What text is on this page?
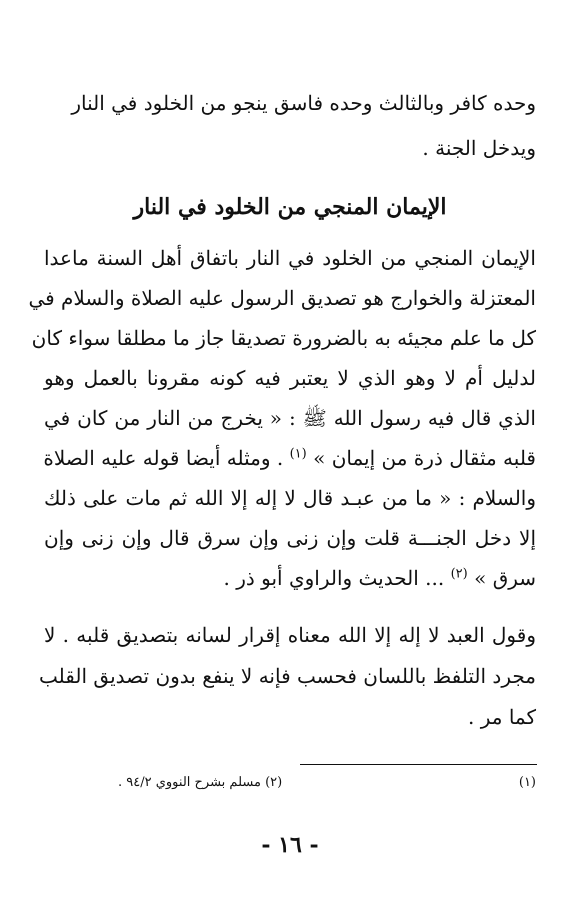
وحده كافر وبالثالث وحده فاسق ينجو من الخلود في النار
ويدخل الجنة .
الإيمان المنجي من الخلود في النار
الإيمان المنجي من الخلود في النار باتفاق أهل السنة ماعدا
المعتزلة والخوارج هو تصديق الرسول عليه الصلاة والسلام في
كل ما علم مجيئه به بالضرورة تصديقا جاز ما مطلقا سواء كان
لدليل أم لا وهو الذي لا يعتبر فيه كونه مقرونا بالعمل وهو
الذي قال فيه رسول الله ﷺ : « يخرج من النار من كان في
قلبه مثقال ذرة من إيمان » $^{(١)}$ . ومثله أيضا قوله عليه الصلاة
والسلام : « ما من عبـد قال لا إله إلا الله ثم مات على ذلك
إلا دخل الجنـــة قلت وإن زنى وإن سرق قال وإن زنى وإن
سرق » $^{(٢)}$ ... الحديث والراوي أبو ذر .
وقول العبد لا إله إلا الله معناه إقرار لسانه بتصديق قلبه . لا
مجرد التلفظ باللسان فحسب فإنه لا ينفع بدون تصديق القلب
كما مر .
(١)
(٢) مسلم بشرح النووي ٩٤/٢ .
- ١٦ -
